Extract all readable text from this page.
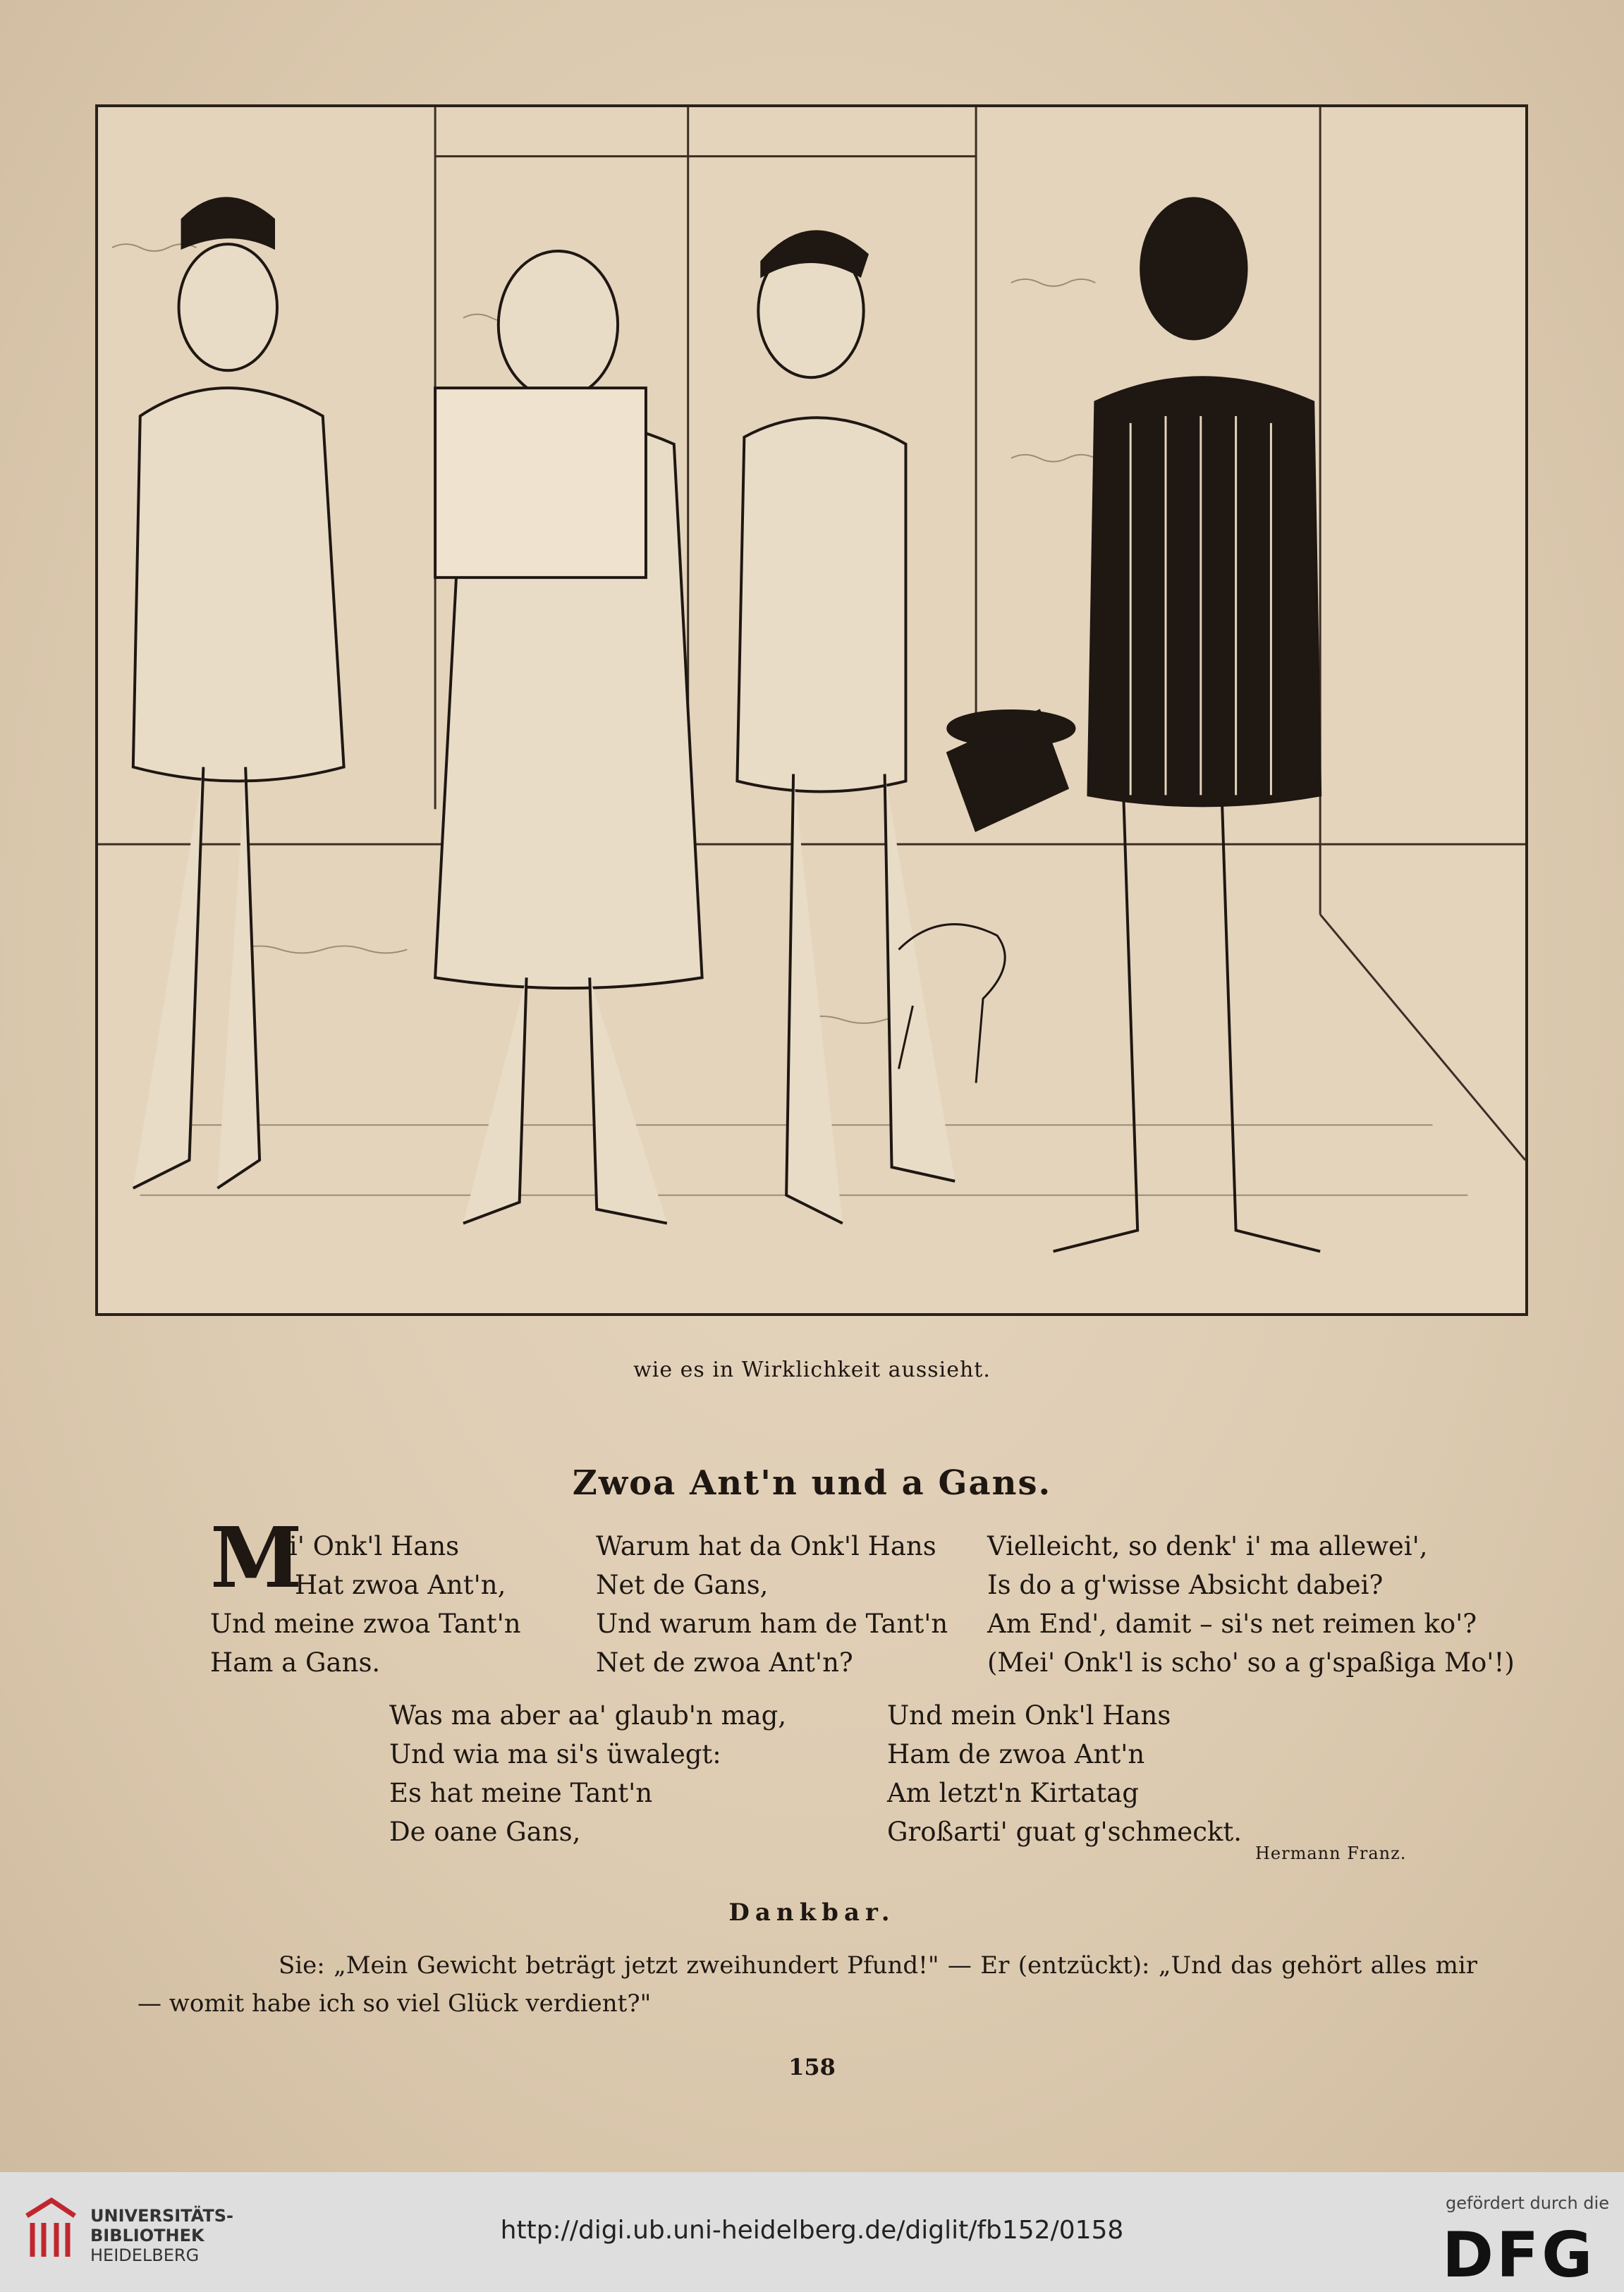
wie es in Wirklichkeit aussieht.
Zwoa Ant'n und a Gans.
M
ei' Onk'l Hans
Hat zwoa Ant'n,
Und meine zwoa Tant'n
Ham a Gans.
Warum hat da Onk'l Hans
Net de Gans,
Und warum ham de Tant'n
Net de zwoa Ant'n?
Vielleicht, so denk' i' ma allewei',
Is do a g'wisse Absicht dabei?
Am End', damit – si's net reimen ko'?
(Mei' Onk'l is scho' so a g'spaßiga Mo'!)
Was ma aber aa' glaub'n mag,
Und wia ma si's üwalegt:
Es hat meine Tant'n
De oane Gans,
Und mein Onk'l Hans
Ham de zwoa Ant'n
Am letzt'n Kirtatag
Großarti' guat g'schmeckt.
Hermann Franz.
Dankbar.

Sie: „Mein Gewicht beträgt jetzt zweihundert Pfund!" — Er (entzückt): „Und das gehört alles mir — womit habe ich so viel Glück verdient?"

158
UNIVERSITÄTS-
BIBLIOTHEK
HEIDELBERG
http://digi.ub.uni-heidelberg.de/diglit/fb152/0158
gefördert durch die
DFG
